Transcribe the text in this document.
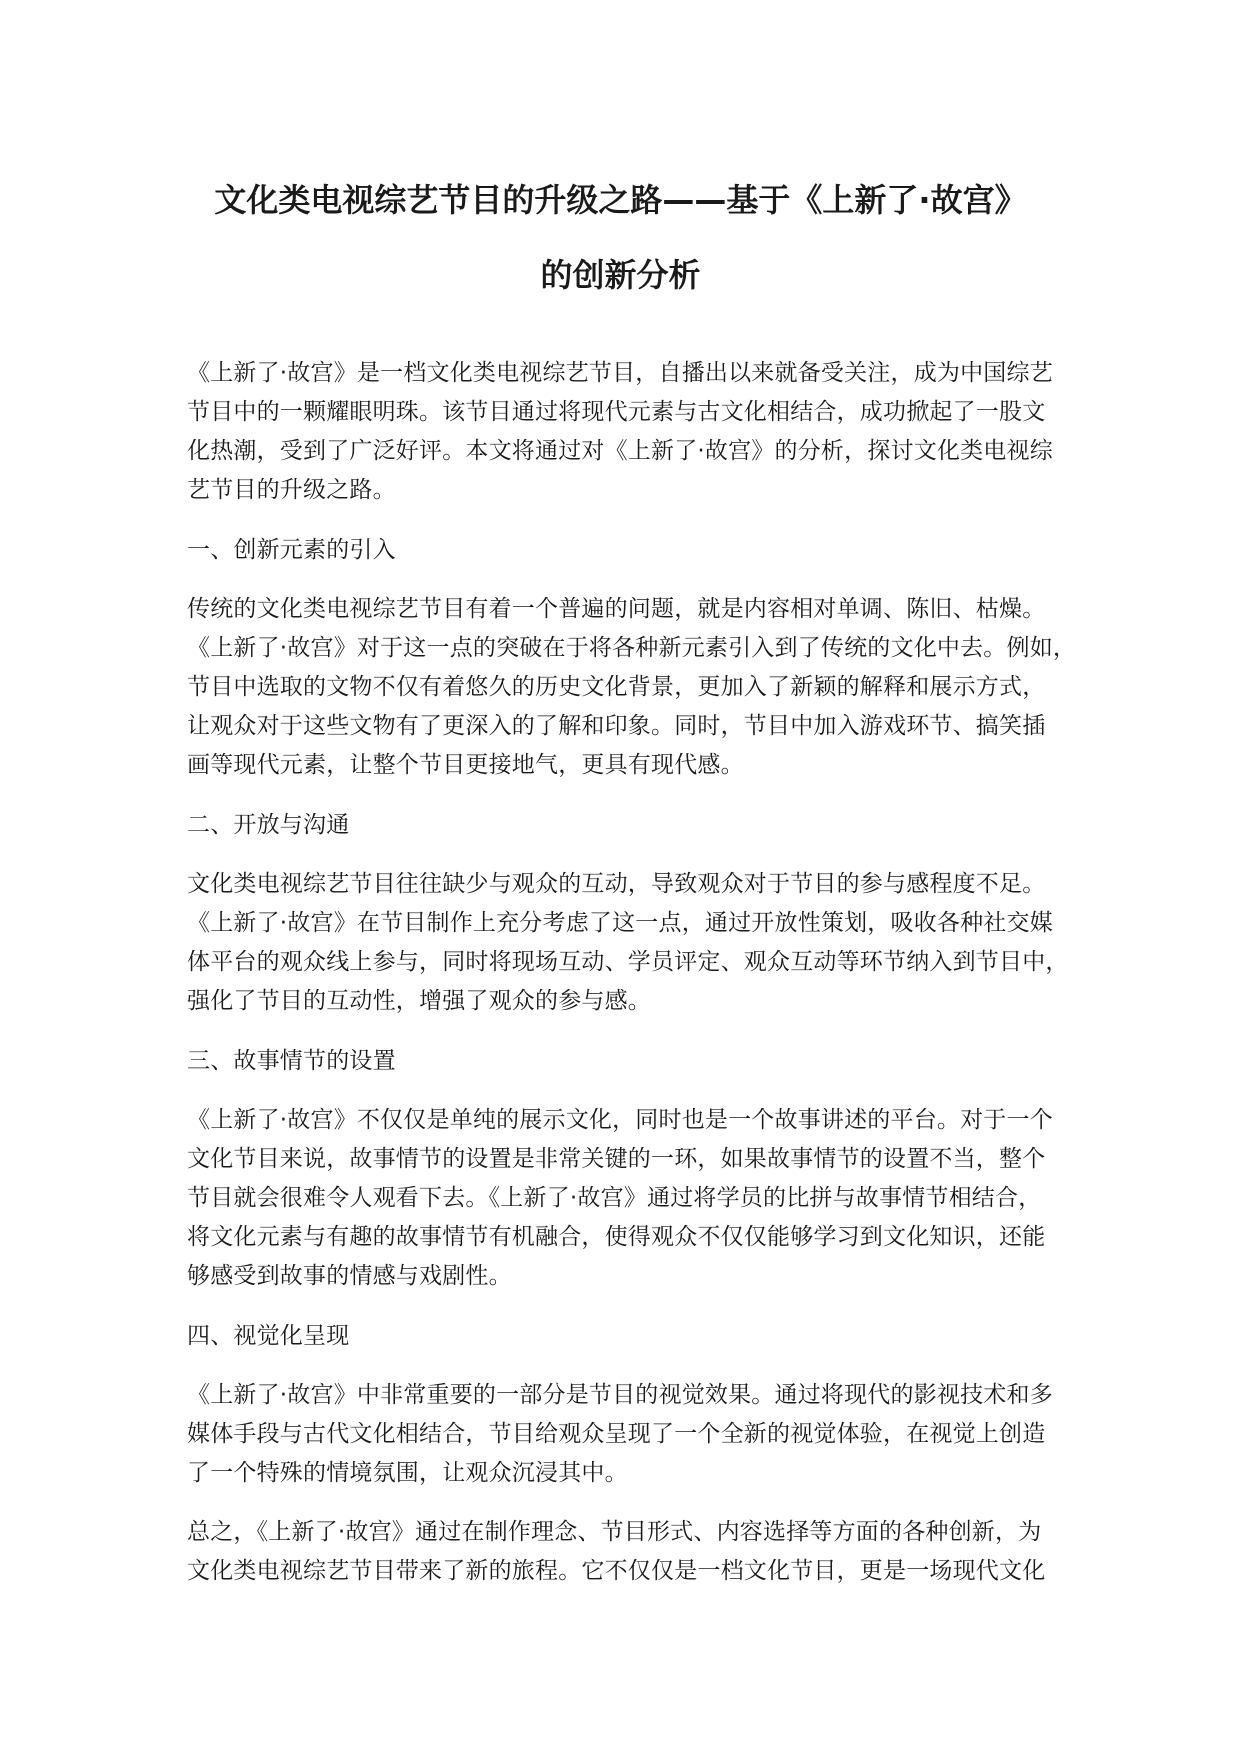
文化类电视综艺节目的升级之路——基于《上新了·故宫》
的创新分析
《上新了·故宫》是一档文化类电视综艺节目，自播出以来就备受关注，成为中国综艺
节目中的一颗耀眼明珠。该节目通过将现代元素与古文化相结合，成功掀起了一股文
化热潮，受到了广泛好评。本文将通过对《上新了·故宫》的分析，探讨文化类电视综
艺节目的升级之路。
一、创新元素的引入
传统的文化类电视综艺节目有着一个普遍的问题，就是内容相对单调、陈旧、枯燥。
《上新了·故宫》对于这一点的突破在于将各种新元素引入到了传统的文化中去。例如，
节目中选取的文物不仅有着悠久的历史文化背景，更加入了新颖的解释和展示方式，
让观众对于这些文物有了更深入的了解和印象。同时，节目中加入游戏环节、搞笑插
画等现代元素，让整个节目更接地气，更具有现代感。
二、开放与沟通
文化类电视综艺节目往往缺少与观众的互动，导致观众对于节目的参与感程度不足。
《上新了·故宫》在节目制作上充分考虑了这一点，通过开放性策划，吸收各种社交媒
体平台的观众线上参与，同时将现场互动、学员评定、观众互动等环节纳入到节目中，
强化了节目的互动性，增强了观众的参与感。
三、故事情节的设置
《上新了·故宫》不仅仅是单纯的展示文化，同时也是一个故事讲述的平台。对于一个
文化节目来说，故事情节的设置是非常关键的一环，如果故事情节的设置不当，整个
节目就会很难令人观看下去。《上新了·故宫》通过将学员的比拼与故事情节相结合，
将文化元素与有趣的故事情节有机融合，使得观众不仅仅能够学习到文化知识，还能
够感受到故事的情感与戏剧性。
四、视觉化呈现
《上新了·故宫》中非常重要的一部分是节目的视觉效果。通过将现代的影视技术和多
媒体手段与古代文化相结合，节目给观众呈现了一个全新的视觉体验，在视觉上创造
了一个特殊的情境氛围，让观众沉浸其中。
总之，《上新了·故宫》通过在制作理念、节目形式、内容选择等方面的各种创新，为
文化类电视综艺节目带来了新的旅程。它不仅仅是一档文化节目，更是一场现代文化
